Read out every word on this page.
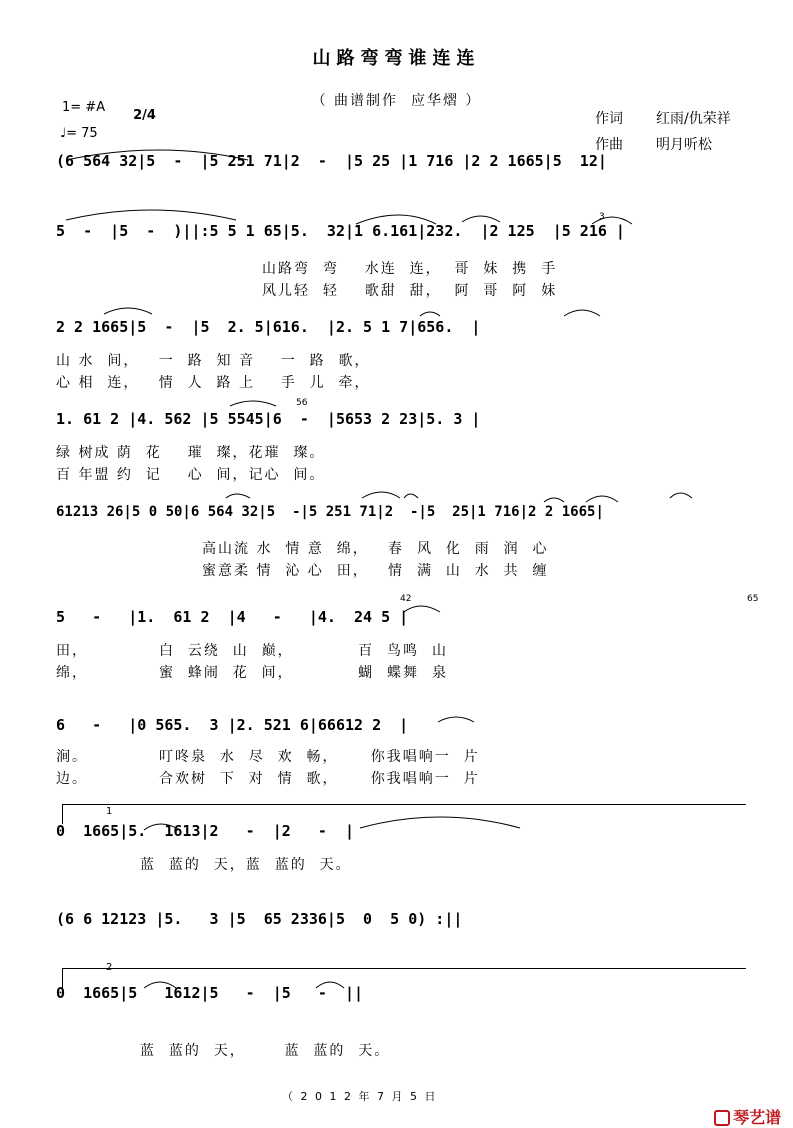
山路弯弯谁连连
（ 曲谱制作  应华熠 ）
1= #A

2/4

♩= 75
作词 红雨/仇荣祥
作曲 明月听松
(6 564 32|5  -  |5 251 71|2  -  |5 25 |1 716 |2 2 1665|5  12|
5  -  |5  -  )||:5 5 1 65|5.  32|1 6.161|232.  |2 125  |5 216 |
山路弯  弯    水连  连，  哥  妹  携  手
风儿轻  轻    歌甜  甜，  阿  哥  阿  妹
2 2 1665|5  -  |5  2. 5|616.  |2. 5 1 7|656.  |
山 水  间，   一  路  知 音    一  路  歌，
心 相  连，   情  人  路 上    手  儿  牵，
1. 61 2 |4. 562 |5 5545|6  -  |5653 2 23|5. 3 |
绿 树成 荫  花    璀  璨，花璀  璨。
百 年盟 约  记    心  间，记心  间。
61213 26|5 0 50|6 564 32|5  -|5 251 71|2  -|5  25|1 716|2 2 1665|
高山流 水  情 意  绵，   春  风  化  雨  润  心
蜜意柔 情  沁 心  田，   情  满  山  水  共  缠
5   -   |1.  61 2  |4   -   |4.  24 5 |
田，           白  云绕  山  巅，          百  鸟鸣  山
绵，           蜜  蜂闹  花  间，          蝴  蝶舞  泉
6   -   |0 565.  3 |2. 521 6|66612 2  |
涧。           叮咚泉  水  尽  欢  畅，     你我唱响一  片
边。           合欢树  下  对  情  歌，     你我唱响一  片
1
0  1665|5.  1613|2   -  |2   -  |
蓝  蓝的  天，蓝  蓝的  天。
(6 6 12123 |5.   3 |5  65 2336|5  0  5 0) :||
2
0  1665|5   1612|5   -  |5   -  ||
蓝  蓝的  天，      蓝  蓝的  天。
3
56
42	65
（ 2 0 1 2 年 7 月 5 日

琴艺谱
